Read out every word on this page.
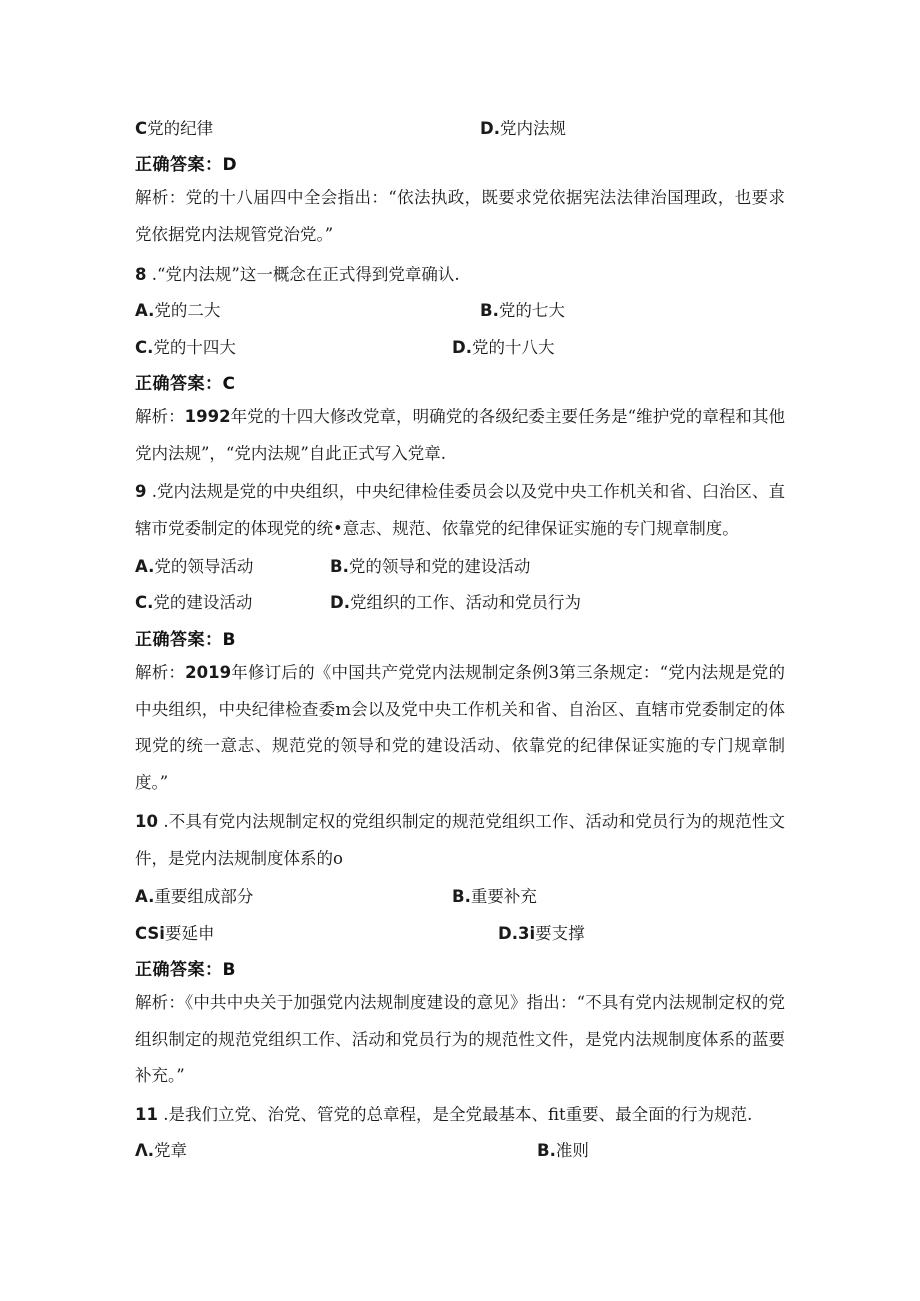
C党的纪律	D.党内法规
正确答案：D
解析：党的十八届四中全会指出：“依法执政，既要求党依据宪法法律治国理政，也要求党依据党内法规管党治党。”
8 .“党内法规”这一概念在正式得到党章确认.
A.党的二大	B.党的七大
C.党的十四大	D.党的十八大
正确答案：C
解析：1992年党的十四大修改党章，明确党的各级纪委主要任务是“维护党的章程和其他党内法规”，“党内法规”自此正式写入党章.
9 .党内法规是党的中央组织，中央纪律检佳委员会以及党中央工作机关和省、臼治区、直辖市党委制定的体现党的统•意志、规范、依靠党的纪律保证实施的专门规章制度。
A.党的领导活动	B.党的领导和党的建设活动
C.党的建设活动	D.党组织的工作、活动和党员行为
正确答案：B
解析：2019年修订后的《中国共产党党内法规制定条例3第三条规定：“党内法规是党的中央组织，中央纪律检查委m会以及党中央工作机关和省、自治区、直辖市党委制定的体现党的统一意志、规范党的领导和党的建设活动、依靠党的纪律保证实施的专门规章制度。”
10 .不具有党内法规制定权的党组织制定的规范党组织工作、活动和党员行为的规范性文件，是党内法规制度体系的o
A.重要组成部分	B.重要补充
CSi要延申	D.3i要支撑
正确答案：B
解析：《中共中央关于加强党内法规制度建设的意见》指出：“不具有党内法规制定权的党组织制定的规范党组织工作、活动和党员行为的规范性文件，是党内法规制度体系的蓝要补充。”
11 .是我们立党、治党、管党的总章程，是全党最基本、fit重要、最全面的行为规范.
Λ.党章	B.准则
